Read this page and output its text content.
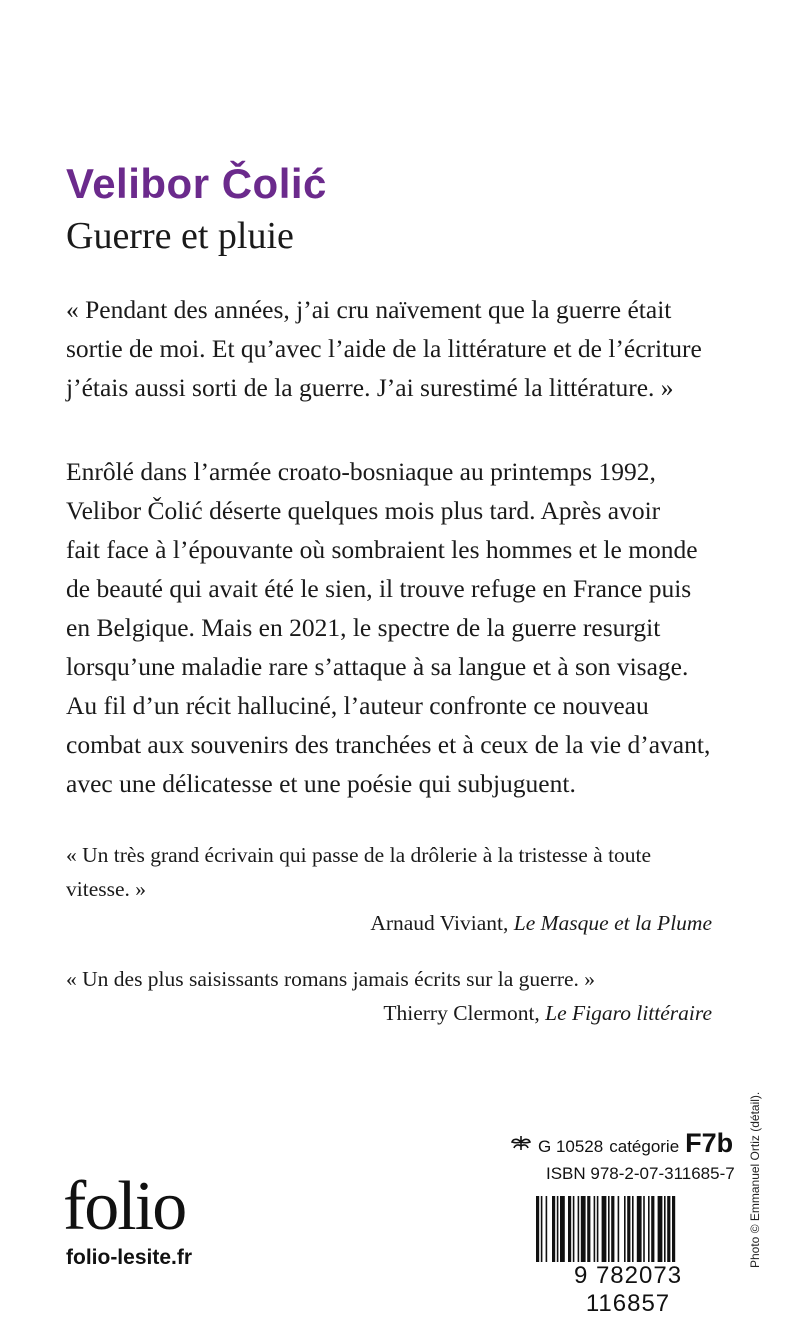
Velibor Čolić
Guerre et pluie
« Pendant des années, j’ai cru naïvement que la guerre était
sortie de moi. Et qu’avec l’aide de la littérature et de l’écriture
j’étais aussi sorti de la guerre. J’ai surestimé la littérature. »
Enrôlé dans l’armée croato-bosniaque au printemps 1992,
Velibor Čolić déserte quelques mois plus tard. Après avoir
fait face à l’épouvante où sombraient les hommes et le monde
de beauté qui avait été le sien, il trouve refuge en France puis
en Belgique. Mais en 2021, le spectre de la guerre resurgit
lorsqu’une maladie rare s’attaque à sa langue et à son visage.
Au fil d’un récit halluciné, l’auteur confronte ce nouveau
combat aux souvenirs des tranchées et à ceux de la vie d’avant,
avec une délicatesse et une poésie qui subjuguent.
« Un très grand écrivain qui passe de la drôlerie à la tristesse à toute
vitesse. »
Arnaud Viviant, Le Masque et la Plume
« Un des plus saisissants romans jamais écrits sur la guerre. »
Thierry Clermont, Le Figaro littéraire
G 10528 catégorie F7b
ISBN 978-2-07-311685-7
9 782073 116857
folio
folio-lesite.fr	Photo © Emmanuel Ortiz (détail).
